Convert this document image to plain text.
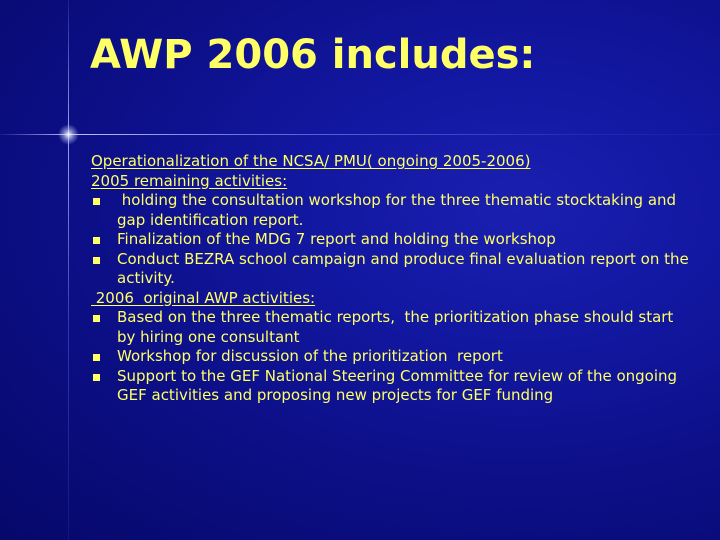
AWP 2006 includes:
Operationalization of the NCSA/ PMU( ongoing 2005-2006)
2005 remaining activities:
holding the consultation workshop for the three thematic stocktaking and gap identification report.
Finalization of the MDG 7 report and holding the workshop
Conduct BEZRA school campaign and produce final evaluation report on the activity.
2006  original AWP activities:
Based on the three thematic reports,  the prioritization phase should start by hiring one consultant
Workshop for discussion of the prioritization  report
Support to the GEF National Steering Committee for review of the ongoing GEF activities and proposing new projects for GEF funding
